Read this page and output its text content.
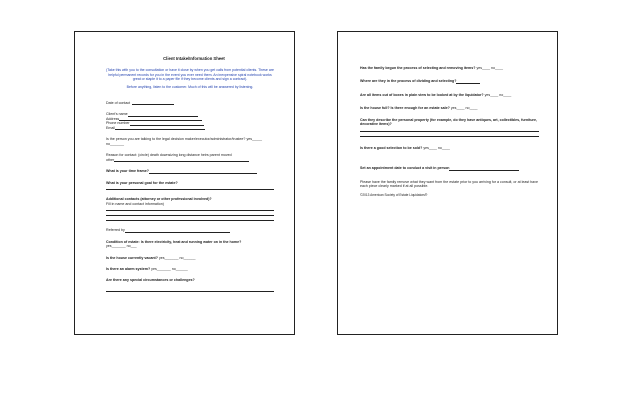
Client Intake/Information Sheet

(Take this with you to the consultation or have it close by when you get calls from potential clients. These are helpful permanent records for you in the event you ever need them. An inexpensive spiral notebook works great or staple it to a paper file if they become clients and sign a contract).

Before anything, listen to the customer. Much of this will be answered by listening.

Date of contact
Client's name
Address
Phone number
Email
Is the person you are talking to the legal decision maker/executor/administrator/trustee? yes_____ no_______
Reason for contact: (circle) death downsizing long distance heirs parent moved
other
What is your time frame?
What is your personal goal for the estate?
Additional contacts (attorney or other professional involved)?
Fill in name and contact information)
Referred by
Condition of estate: Is there electricity, heat and running water on in the home?
yes_______ no___
Is the house currently vacant? yes_______ no______
Is there an alarm system? yes_______ no______
Are there any special circumstances or challenges?
Has the family begun the process of selecting and removing items? yes____ no____
Where are they in the process of dividing and selecting?
Are all items out of boxes in plain view to be looked at by the liquidator? yes____ no____
Is the house full? Is there enough for an estate sale? yes____ no____
Can they describe the personal property (for example, do they have antiques, art, collectibles, furniture, decorative items)?
Is there a good selection to be sold? yes____ no____
Set an appointment date to conduct a visit in person
Please have the family remove what they want from the estate prior to you arriving for a consult, or at least have each piece clearly marked if at all possible.
©2013 American Society of Estate Liquidators®
